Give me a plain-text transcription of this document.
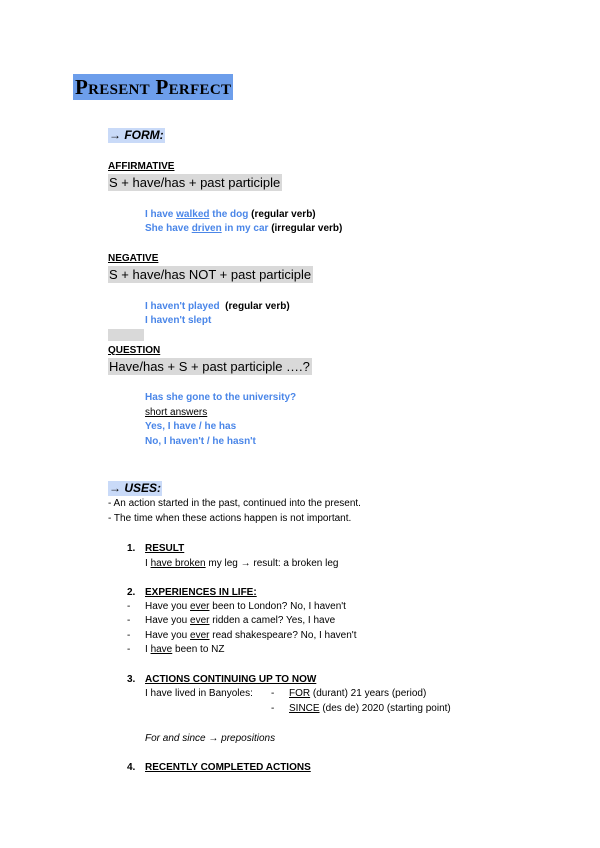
Present Perfect
→ FORM:
AFFIRMATIVE
S + have/has + past participle
I have walked the dog (regular verb)
She have driven in my car (irregular verb)
NEGATIVE
S + have/has NOT + past participle
I haven't played  (regular verb)
I haven't slept
QUESTION
Have/has + S + past participle ….?
Has she gone to the university?
short answers
Yes, I have / he has
No, I haven't / he hasn't
→ USES:
- An action started in the past, continued into the present.
- The time when these actions happen is not important.
1. RESULT
I have broken my leg → result: a broken leg
2. EXPERIENCES IN LIFE:
- Have you ever been to London? No, I haven't
- Have you ever ridden a camel? Yes, I have
- Have you ever read shakespeare? No, I haven't
- I have been to NZ
3. ACTIONS CONTINUING UP TO NOW
I have lived in Banyoles: - FOR (durant) 21 years (period)
- SINCE (des de) 2020 (starting point)
For and since → prepositions
4. RECENTLY COMPLETED ACTIONS
